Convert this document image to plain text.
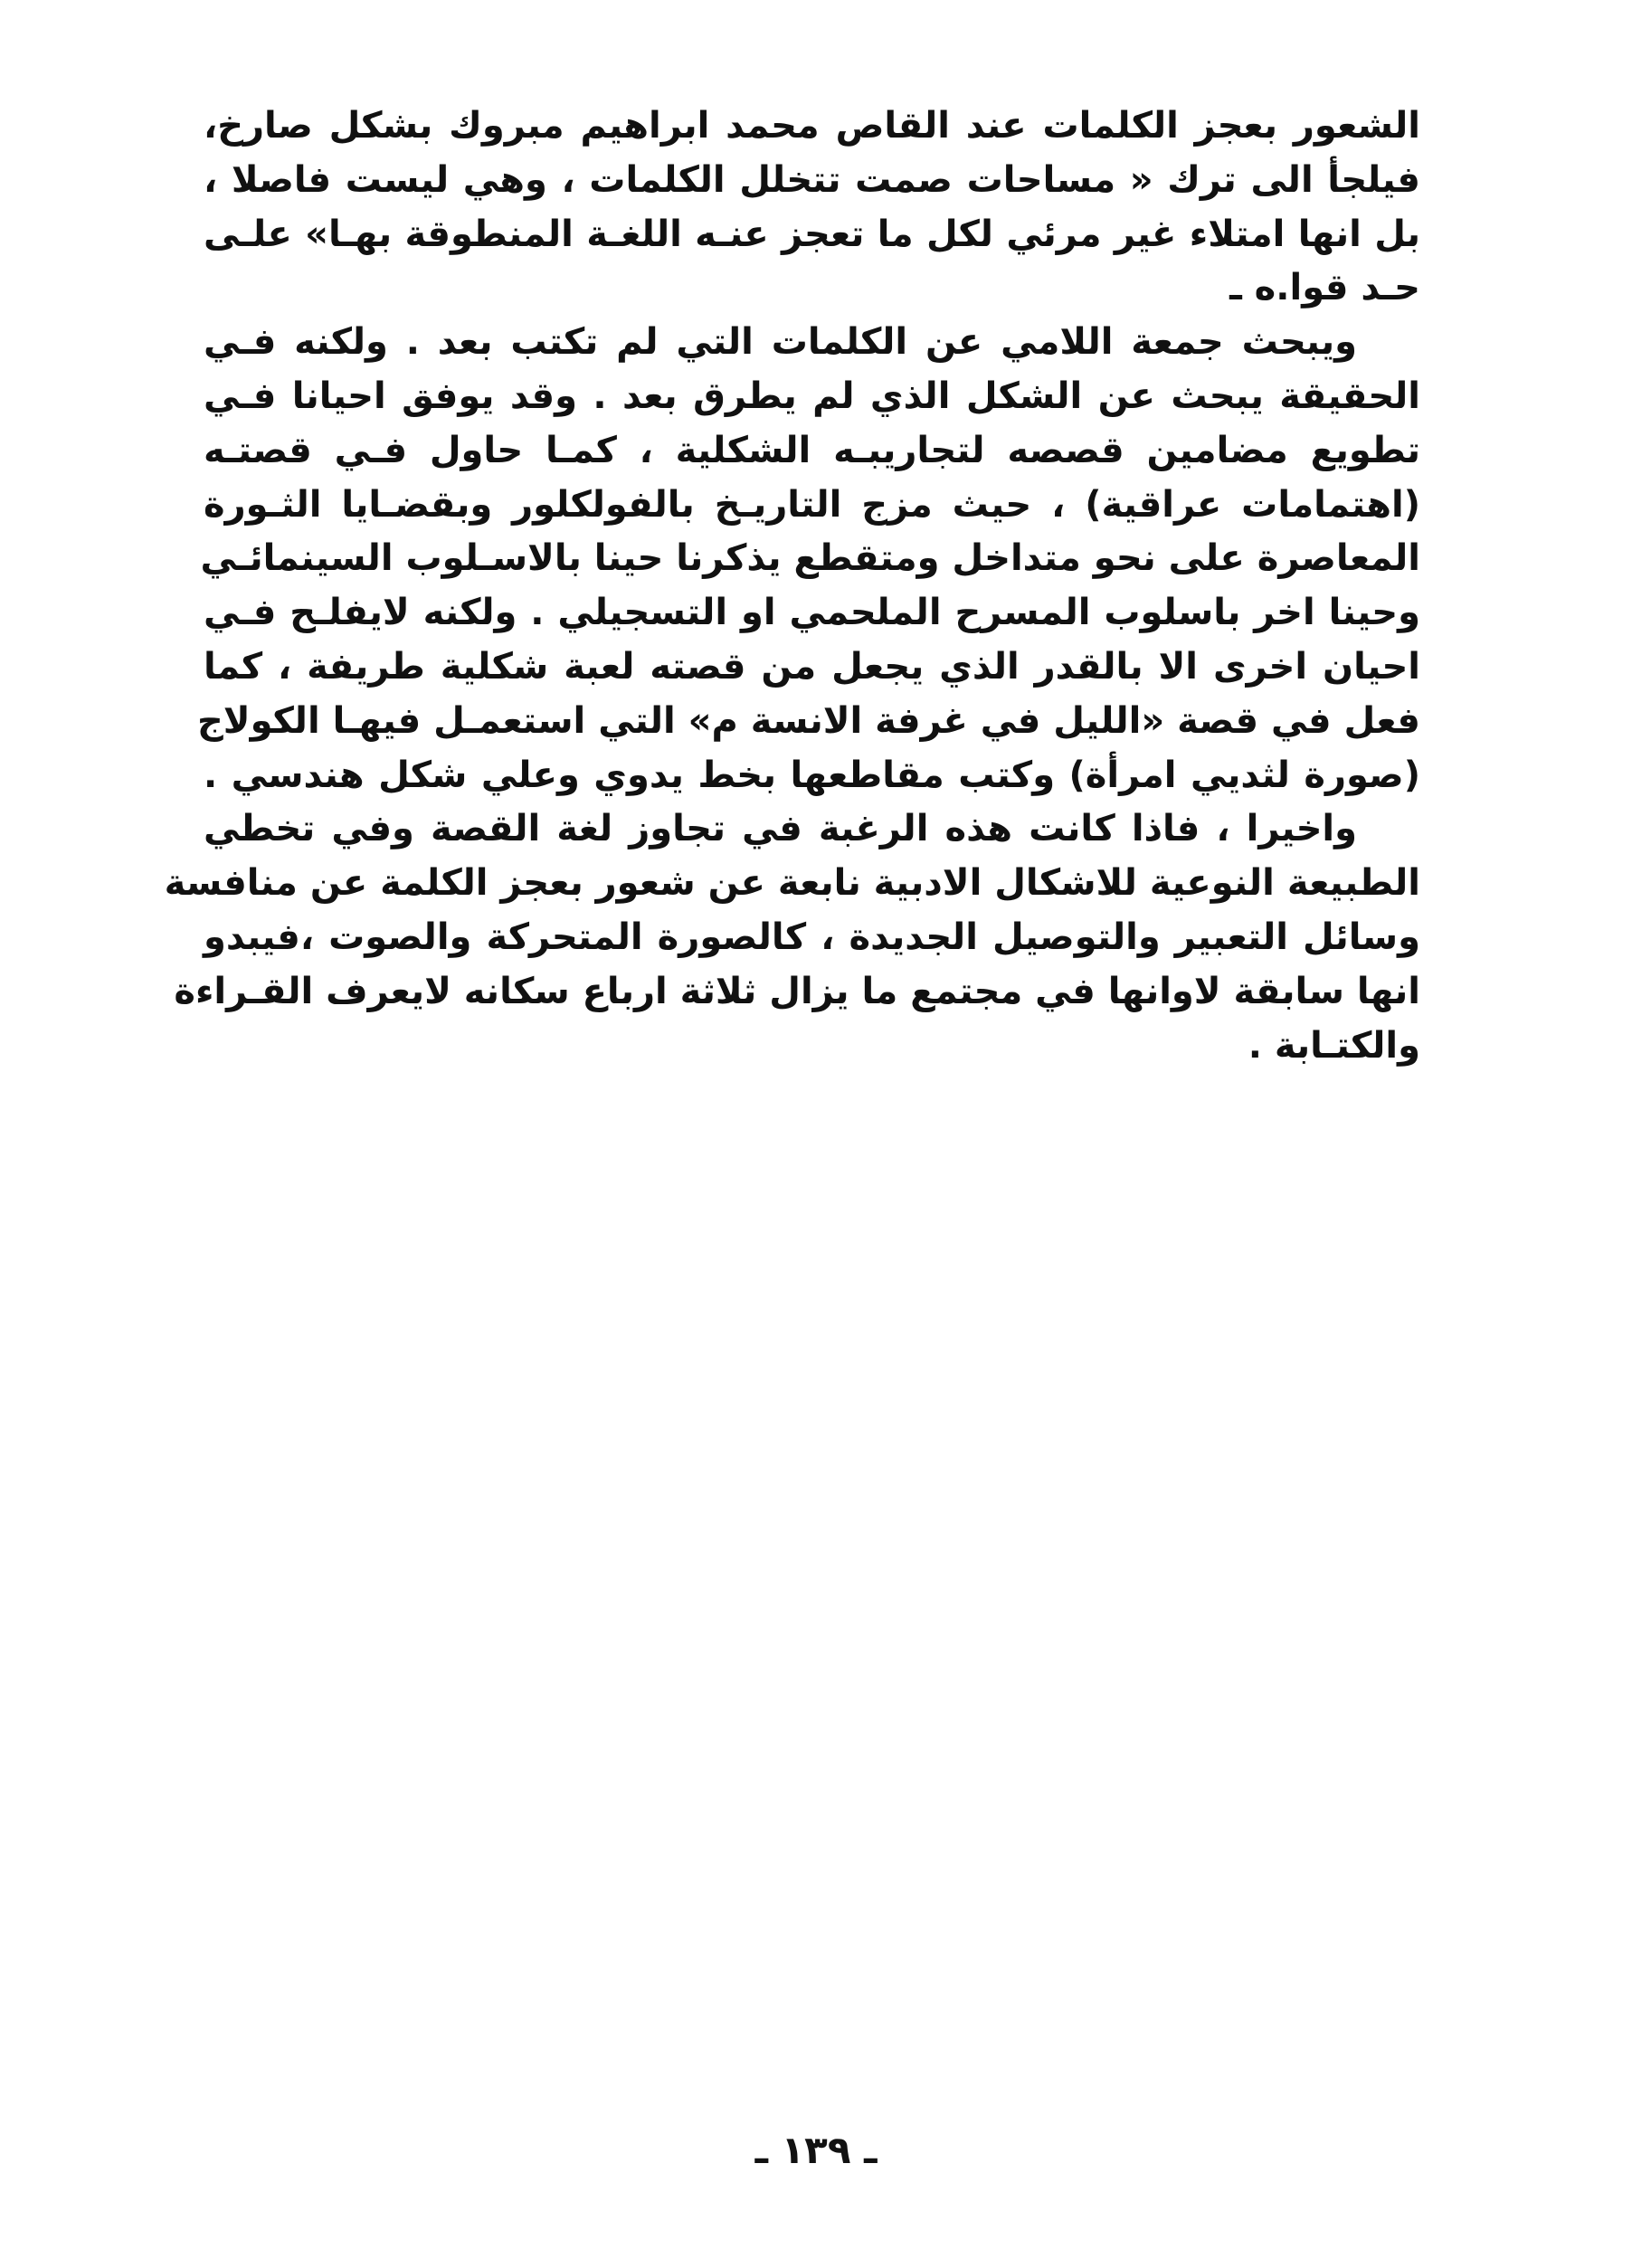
الشعور بعجز الكلمات عند القاص محمد ابراهيم مبروك بشكل صارخ،
فيلجأ الى ترك « مساحات صمت تتخلل الكلمات ، وهي ليست فاصلا ،
بل انها امتلاء غير مرئي لكل ما تعجز عنـه اللغـة المنطوقة بهـا» علـى
حـد قوا.ه ـ
ويبحث جمعة اللامي عن الكلمات التي لم تكتب بعد . ولكنه فـي
الحقيقة يبحث عن الشكل الذي لم يطرق بعد . وقد يوفق احيانا فـي
تطويع مضامين قصصه لتجاريبـه الشكلية ، كمـا حاول فـي قصتـه
(اهتمامات عراقية) ، حيث مزج التاريـخ بالفولكلور وبقضـايا الثـورة
المعاصرة على نحو متداخل ومتقطع يذكرنا حينا بالاسـلوب السينمائـي
وحينا اخر باسلوب المسرح الملحمي او التسجيلي . ولكنه لايفلـح فـي
احيان اخرى الا بالقدر الذي يجعل من قصته لعبة شكلية طريفة ، كما
فعل في قصة «الليل في غرفة الانسة م» التي استعمـل فيهـا الكولاج
(صورة لثديي امرأة) وكتب مقاطعها بخط يدوي وعلي شكل هندسي .
واخيرا ، فاذا كانت هذه الرغبة في تجاوز لغة القصة وفي تخطي
الطبيعة النوعية للاشكال الادبية نابعة عن شعور بعجز الكلمة عن منافسة
وسائل التعبير والتوصيل الجديدة ، كالصورة المتحركة والصوت ،فيبدو
انها سابقة لاوانها في مجتمع ما يزال ثلاثة ارباع سكانه لايعرف القـراءة
والكتـابة .
ـ ١٣٩ ـ
